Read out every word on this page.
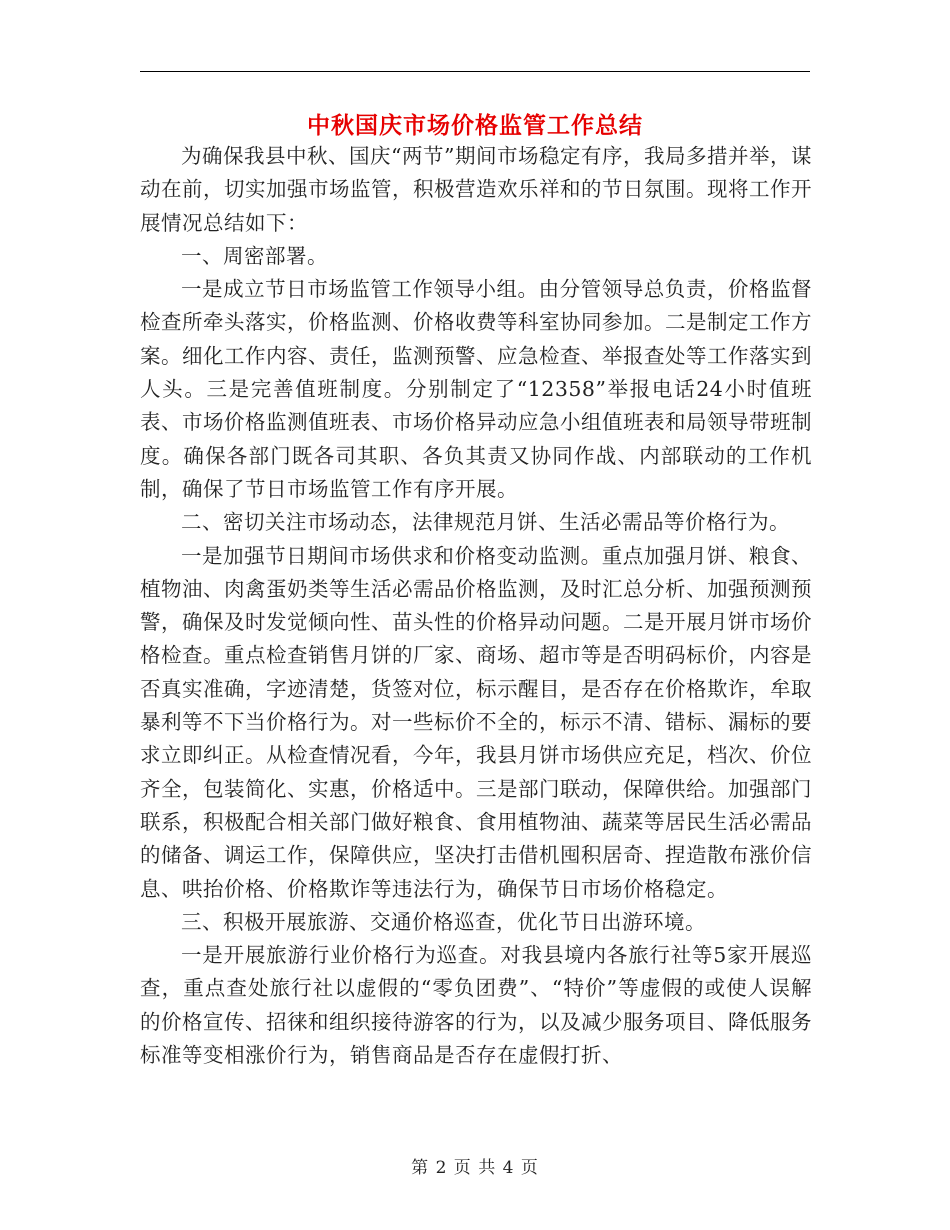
中秋国庆市场价格监管工作总结

为确保我县中秋、国庆“两节”期间市场稳定有序，我局多措并举，谋动在前，切实加强市场监管，积极营造欢乐祥和的节日氛围。现将工作开展情况总结如下：

一、周密部署。

一是成立节日市场监管工作领导小组。由分管领导总负责，价格监督检查所牵头落实，价格监测、价格收费等科室协同参加。二是制定工作方案。细化工作内容、责任，监测预警、应急检查、举报查处等工作落实到人头。三是完善值班制度。分别制定了“12358”举报电话24小时值班表、市场价格监测值班表、市场价格异动应急小组值班表和局领导带班制度。确保各部门既各司其职、各负其责又协同作战、内部联动的工作机制，确保了节日市场监管工作有序开展。

二、密切关注市场动态，法律规范月饼、生活必需品等价格行为。

一是加强节日期间市场供求和价格变动监测。重点加强月饼、粮食、植物油、肉禽蛋奶类等生活必需品价格监测，及时汇总分析、加强预测预警，确保及时发觉倾向性、苗头性的价格异动问题。二是开展月饼市场价格检查。重点检查销售月饼的厂家、商场、超市等是否明码标价，内容是否真实准确，字迹清楚，货签对位，标示醒目，是否存在价格欺诈，牟取暴利等不下当价格行为。对一些标价不全的，标示不清、错标、漏标的要求立即纠正。从检查情况看，今年，我县月饼市场供应充足，档次、价位齐全，包装简化、实惠，价格适中。三是部门联动，保障供给。加强部门联系，积极配合相关部门做好粮食、食用植物油、蔬菜等居民生活必需品的储备、调运工作，保障供应，坚决打击借机囤积居奇、捏造散布涨价信息、哄抬价格、价格欺诈等违法行为，确保节日市场价格稳定。

三、积极开展旅游、交通价格巡查，优化节日出游环境。

一是开展旅游行业价格行为巡查。对我县境内各旅行社等5家开展巡查，重点查处旅行社以虚假的“零负团费”、“特价”等虚假的或使人误解的价格宣传、招徕和组织接待游客的行为，以及减少服务项目、降低服务标准等变相涨价行为，销售商品是否存在虚假打折、

第 2 页 共 4 页
